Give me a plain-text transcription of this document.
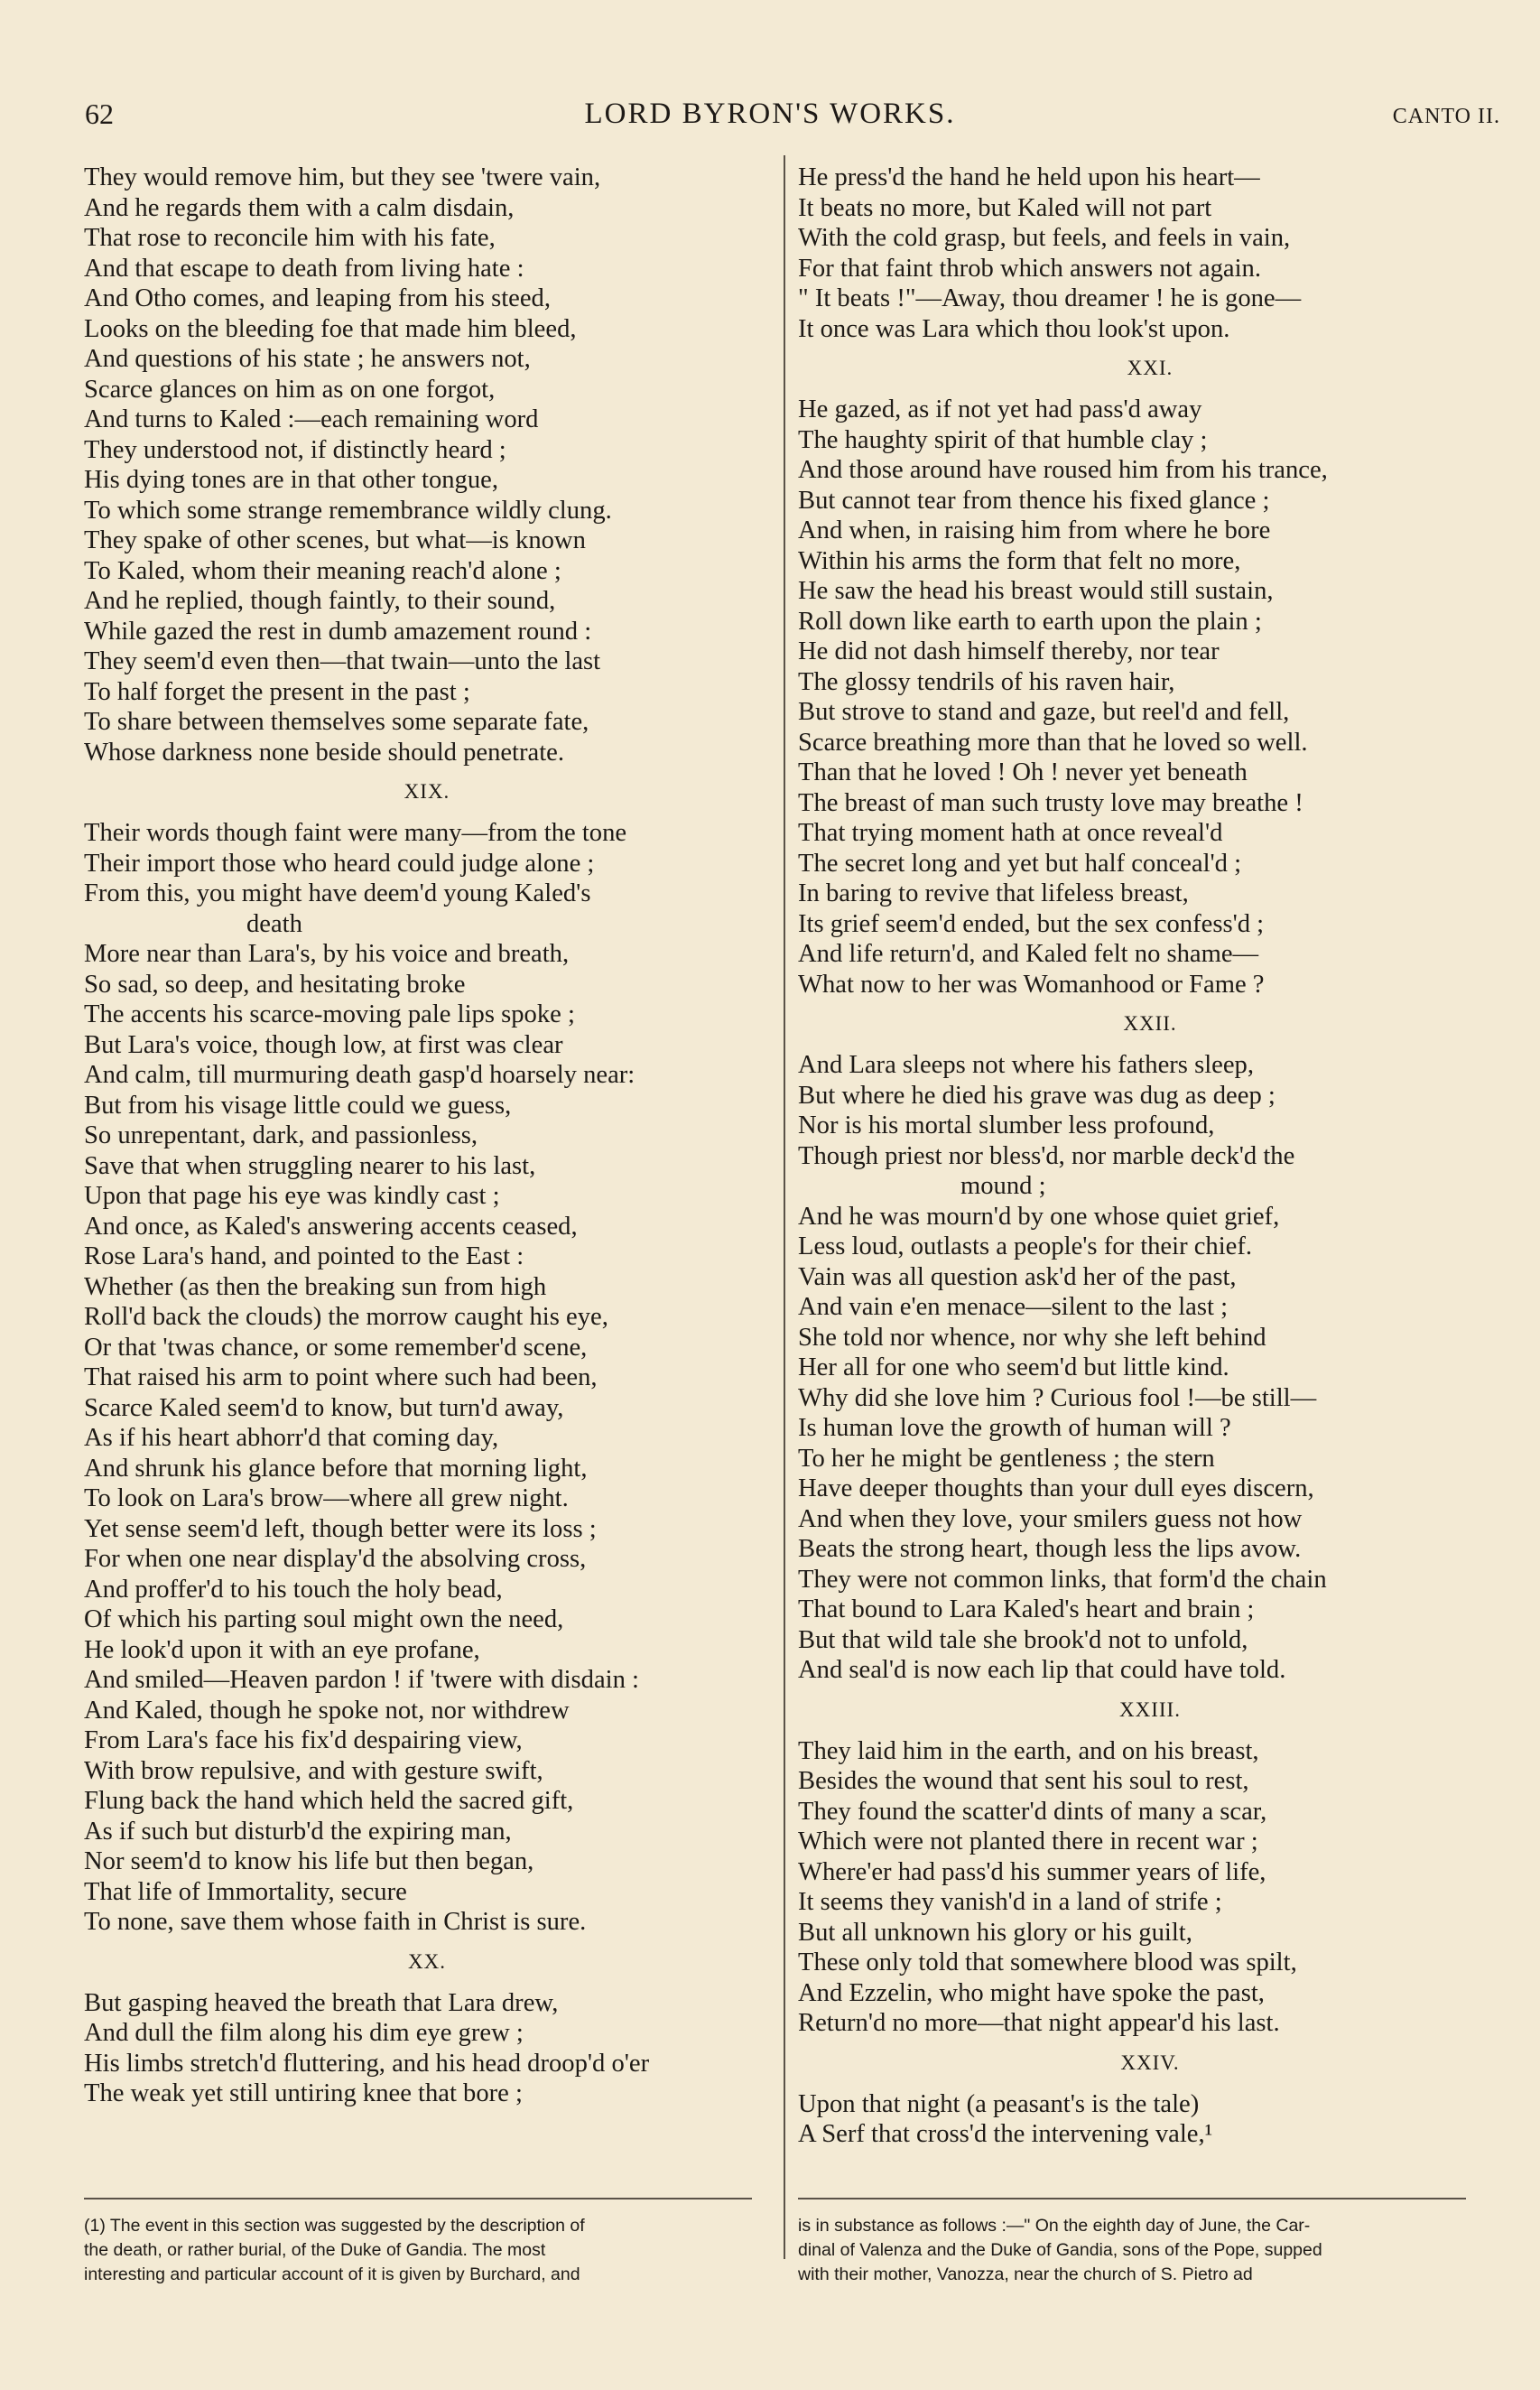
62	LORD BYRON'S WORKS.	CANTO II.
They would remove him, but they see 'twere vain,
And he regards them with a calm disdain,
That rose to reconcile him with his fate,
And that escape to death from living hate :
And Otho comes, and leaping from his steed,
Looks on the bleeding foe that made him bleed,
And questions of his state ; he answers not,
Scarce glances on him as on one forgot,
And turns to Kaled :—each remaining word
They understood not, if distinctly heard ;
His dying tones are in that other tongue,
To which some strange remembrance wildly clung.
They spake of other scenes, but what—is known
To Kaled, whom their meaning reach'd alone ;
And he replied, though faintly, to their sound,
While gazed the rest in dumb amazement round :
They seem'd even then—that twain—unto the last
To half forget the present in the past ;
To share between themselves some separate fate,
Whose darkness none beside should penetrate.
XIX.
Their words though faint were many—from the tone
Their import those who heard could judge alone ;
From this, you might have deem'd young Kaled's
death
More near than Lara's, by his voice and breath,
So sad, so deep, and hesitating broke
The accents his scarce-moving pale lips spoke ;
But Lara's voice, though low, at first was clear
And calm, till murmuring death gasp'd hoarsely near:
But from his visage little could we guess,
So unrepentant, dark, and passionless,
Save that when struggling nearer to his last,
Upon that page his eye was kindly cast ;
And once, as Kaled's answering accents ceased,
Rose Lara's hand, and pointed to the East :
Whether (as then the breaking sun from high
Roll'd back the clouds) the morrow caught his eye,
Or that 'twas chance, or some remember'd scene,
That raised his arm to point where such had been,
Scarce Kaled seem'd to know, but turn'd away,
As if his heart abhorr'd that coming day,
And shrunk his glance before that morning light,
To look on Lara's brow—where all grew night.
Yet sense seem'd left, though better were its loss ;
For when one near display'd the absolving cross,
And proffer'd to his touch the holy bead,
Of which his parting soul might own the need,
He look'd upon it with an eye profane,
And smiled—Heaven pardon ! if 'twere with disdain :
And Kaled, though he spoke not, nor withdrew
From Lara's face his fix'd despairing view,
With brow repulsive, and with gesture swift,
Flung back the hand which held the sacred gift,
As if such but disturb'd the expiring man,
Nor seem'd to know his life but then began,
That life of Immortality, secure
To none, save them whose faith in Christ is sure.
XX.
But gasping heaved the breath that Lara drew,
And dull the film along his dim eye grew ;
His limbs stretch'd fluttering, and his head droop'd o'er
The weak yet still untiring knee that bore ;
He press'd the hand he held upon his heart—
It beats no more, but Kaled will not part
With the cold grasp, but feels, and feels in vain,
For that faint throb which answers not again.
" It beats !"—Away, thou dreamer ! he is gone—
It once was Lara which thou look'st upon.
XXI.
He gazed, as if not yet had pass'd away
The haughty spirit of that humble clay ;
And those around have roused him from his trance,
But cannot tear from thence his fixed glance ;
And when, in raising him from where he bore
Within his arms the form that felt no more,
He saw the head his breast would still sustain,
Roll down like earth to earth upon the plain ;
He did not dash himself thereby, nor tear
The glossy tendrils of his raven hair,
But strove to stand and gaze, but reel'd and fell,
Scarce breathing more than that he loved so well.
Than that he loved ! Oh ! never yet beneath
The breast of man such trusty love may breathe !
That trying moment hath at once reveal'd
The secret long and yet but half conceal'd ;
In baring to revive that lifeless breast,
Its grief seem'd ended, but the sex confess'd ;
And life return'd, and Kaled felt no shame—
What now to her was Womanhood or Fame ?
XXII.
And Lara sleeps not where his fathers sleep,
But where he died his grave was dug as deep ;
Nor is his mortal slumber less profound,
Though priest nor bless'd, nor marble deck'd the
mound ;
And he was mourn'd by one whose quiet grief,
Less loud, outlasts a people's for their chief.
Vain was all question ask'd her of the past,
And vain e'en menace—silent to the last ;
She told nor whence, nor why she left behind
Her all for one who seem'd but little kind.
Why did she love him ? Curious fool !—be still—
Is human love the growth of human will ?
To her he might be gentleness ; the stern
Have deeper thoughts than your dull eyes discern,
And when they love, your smilers guess not how
Beats the strong heart, though less the lips avow.
They were not common links, that form'd the chain
That bound to Lara Kaled's heart and brain ;
But that wild tale she brook'd not to unfold,
And seal'd is now each lip that could have told.
XXIII.
They laid him in the earth, and on his breast,
Besides the wound that sent his soul to rest,
They found the scatter'd dints of many a scar,
Which were not planted there in recent war ;
Where'er had pass'd his summer years of life,
It seems they vanish'd in a land of strife ;
But all unknown his glory or his guilt,
These only told that somewhere blood was spilt,
And Ezzelin, who might have spoke the past,
Return'd no more—that night appear'd his last.
XXIV.
Upon that night (a peasant's is the tale)
A Serf that cross'd the intervening vale,¹
(1) The event in this section was suggested by the description of
the death, or rather burial, of the Duke of Gandia. The most
interesting and particular account of it is given by Burchard, and
is in substance as follows :—" On the eighth day of June, the Car-
dinal of Valenza and the Duke of Gandia, sons of the Pope, supped
with their mother, Vanozza, near the church of S. Pietro ad
